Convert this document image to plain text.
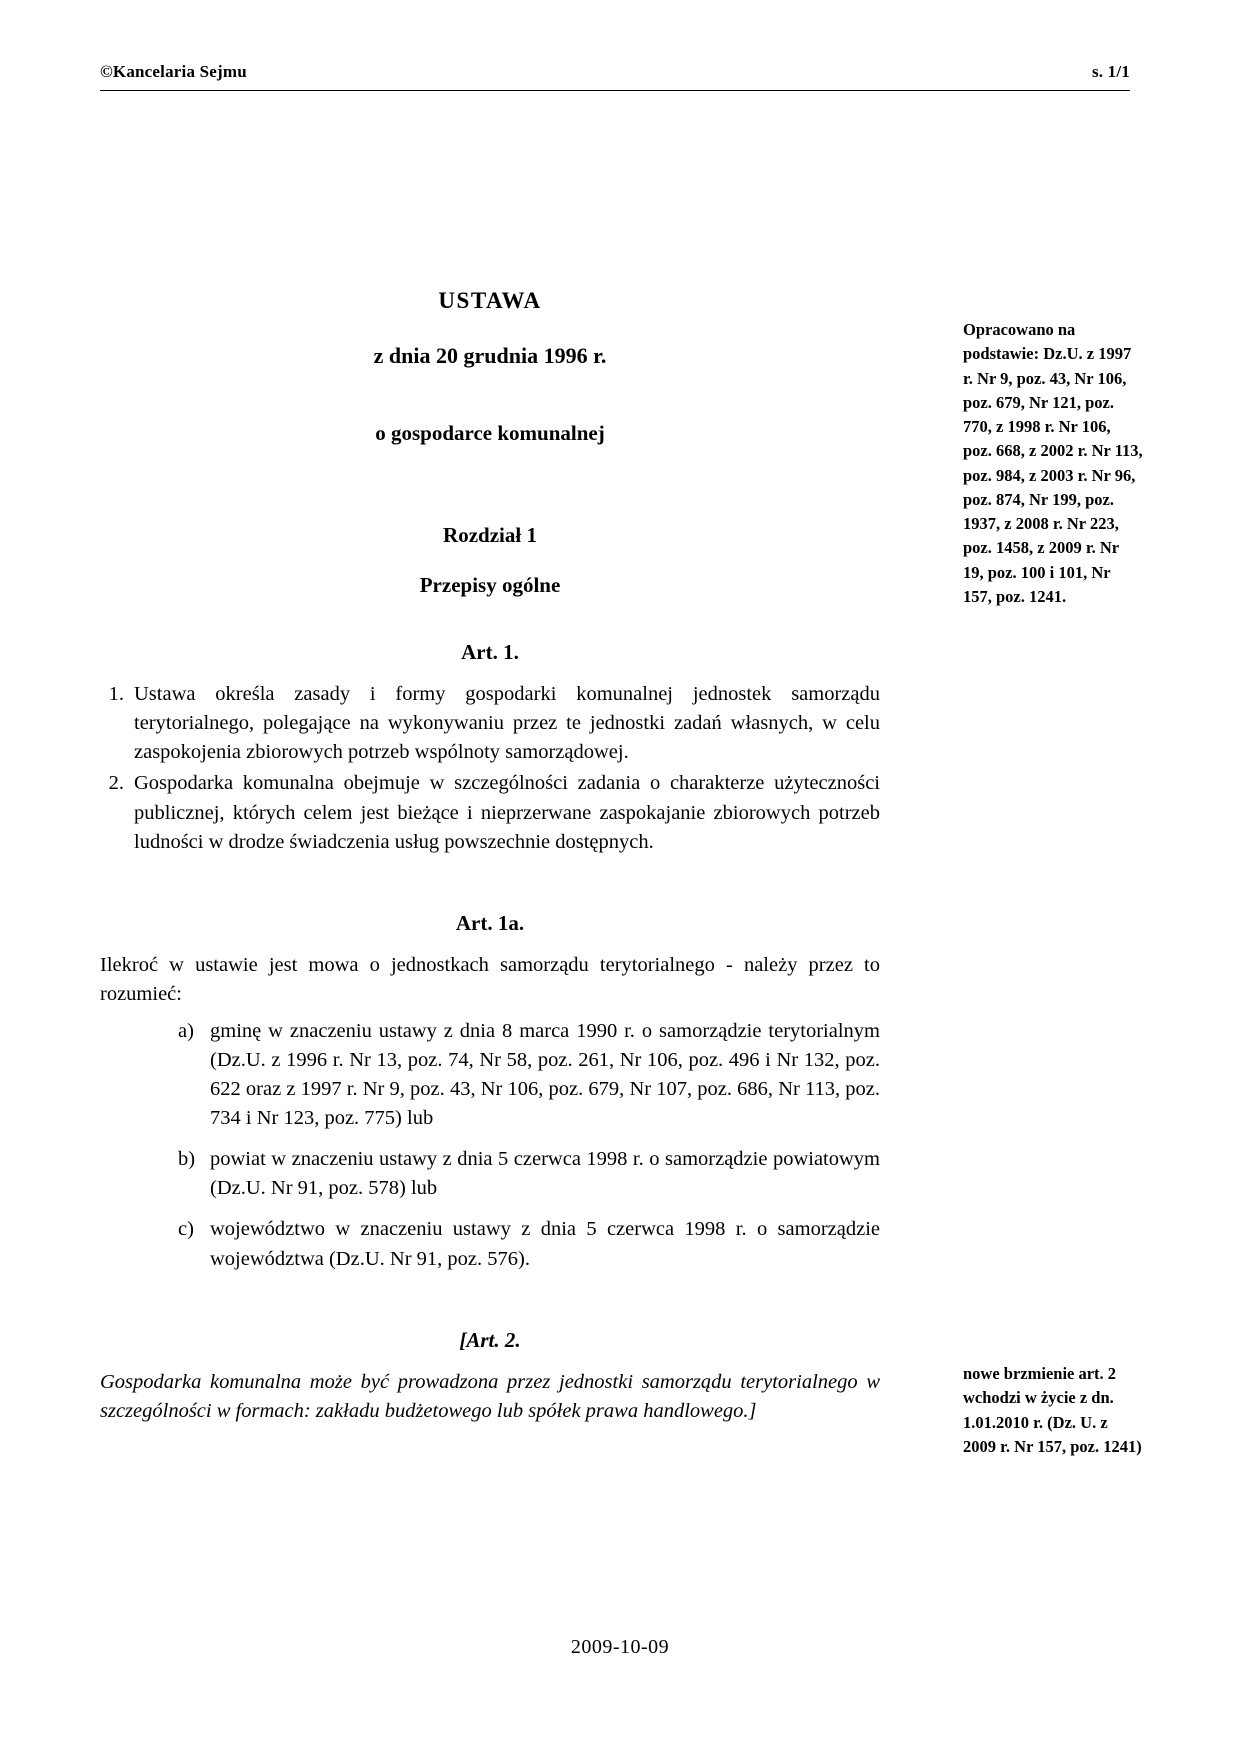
©Kancelaria Sejmu	s. 1/1
USTAWA
z dnia 20 grudnia 1996 r.
o gospodarce komunalnej
Rozdział 1
Przepisy ogólne
Art. 1.
1. Ustawa określa zasady i formy gospodarki komunalnej jednostek samorządu terytorialnego, polegające na wykonywaniu przez te jednostki zadań własnych, w celu zaspokojenia zbiorowych potrzeb wspólnoty samorządowej.
2. Gospodarka komunalna obejmuje w szczególności zadania o charakterze użyteczności publicznej, których celem jest bieżące i nieprzerwane zaspokajanie zbiorowych potrzeb ludności w drodze świadczenia usług powszechnie dostępnych.
Art. 1a.
Ilekroć w ustawie jest mowa o jednostkach samorządu terytorialnego - należy przez to rozumieć:
a) gminę w znaczeniu ustawy z dnia 8 marca 1990 r. o samorządzie terytorialnym (Dz.U. z 1996 r. Nr 13, poz. 74, Nr 58, poz. 261, Nr 106, poz. 496 i Nr 132, poz. 622 oraz z 1997 r. Nr 9, poz. 43, Nr 106, poz. 679, Nr 107, poz. 686, Nr 113, poz. 734 i Nr 123, poz. 775) lub
b) powiat w znaczeniu ustawy z dnia 5 czerwca 1998 r. o samorządzie powiatowym (Dz.U. Nr 91, poz. 578) lub
c) województwo w znaczeniu ustawy z dnia 5 czerwca 1998 r. o samorządzie województwa (Dz.U. Nr 91, poz. 576).
[Art. 2.
Gospodarka komunalna może być prowadzona przez jednostki samorządu terytorialnego w szczególności w formach: zakładu budżetowego lub spółek prawa handlowego.]
Opracowano na podstawie: Dz.U. z 1997 r. Nr 9, poz. 43, Nr 106, poz. 679, Nr 121, poz. 770, z 1998 r. Nr 106, poz. 668, z 2002 r. Nr 113, poz. 984, z 2003 r. Nr 96, poz. 874, Nr 199, poz. 1937, z 2008 r. Nr 223, poz. 1458, z 2009 r. Nr 19, poz. 100 i 101, Nr 157, poz. 1241.
nowe brzmienie art. 2 wchodzi w życie z dn. 1.01.2010 r. (Dz. U. z 2009 r. Nr 157, poz. 1241)
2009-10-09
